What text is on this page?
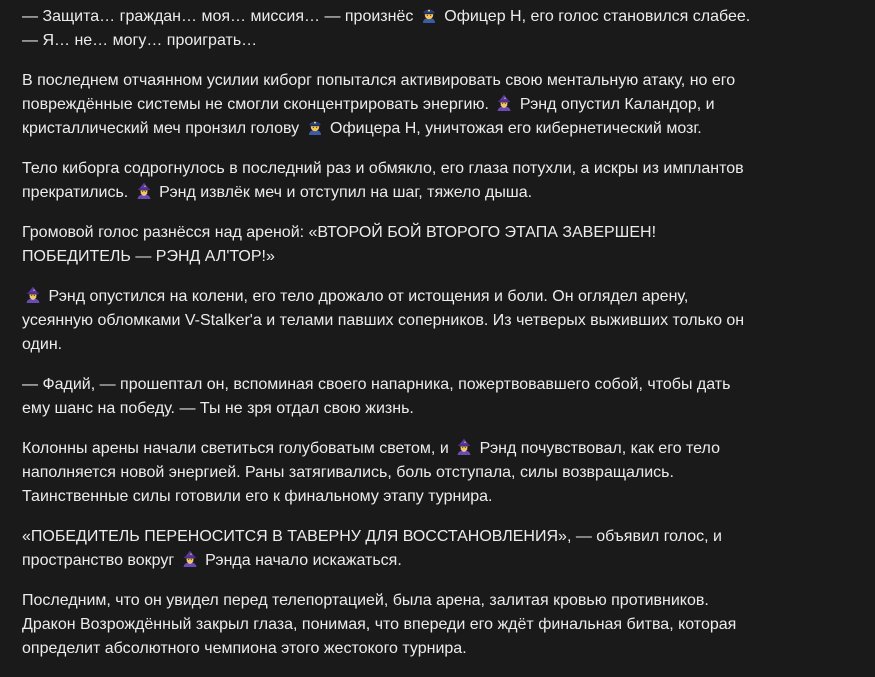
— Защита… граждан… моя… миссия… — произнёс
Офицер Н, его голос становился слабее. — Я… не… могу… проиграть…

В последнем отчаянном усилии киборг попытался активировать свою ментальную атаку, но его повреждённые системы не смогли сконцентрировать энергию.
Рэнд опустил Каландор, и кристаллический меч пронзил голову
Офицера Н, уничтожая его кибернетический мозг.

Тело киборга содрогнулось в последний раз и обмякло, его глаза потухли, а искры из имплантов прекратились.
Рэнд извлёк меч и отступил на шаг, тяжело дыша.

Громовой голос разнёсся над ареной: «ВТОРОЙ БОЙ ВТОРОГО ЭТАПА ЗАВЕРШЕН! ПОБЕДИТЕЛЬ — РЭНД АЛ'ТОР!»

Рэнд опустился на колени, его тело дрожало от истощения и боли. Он оглядел арену, усеянную обломками V-Stalker'а и телами павших соперников. Из четверых выживших только он один.

— Фадий, — прошептал он, вспоминая своего напарника, пожертвовавшего собой, чтобы дать ему шанс на победу. — Ты не зря отдал свою жизнь.

Колонны арены начали светиться голубоватым светом, и
Рэнд почувствовал, как его тело наполняется новой энергией. Раны затягивались, боль отступала, силы возвращались. Таинственные силы готовили его к финальному этапу турнира.

«ПОБЕДИТЕЛЬ ПЕРЕНОСИТСЯ В ТАВЕРНУ ДЛЯ ВОССТАНОВЛЕНИЯ», — объявил голос, и пространство вокруг
Рэнда начало искажаться.

Последним, что он увидел перед телепортацией, была арена, залитая кровью противников. Дракон Возрождённый закрыл глаза, понимая, что впереди его ждёт финальная битва, которая определит абсолютного чемпиона этого жестокого турнира.
